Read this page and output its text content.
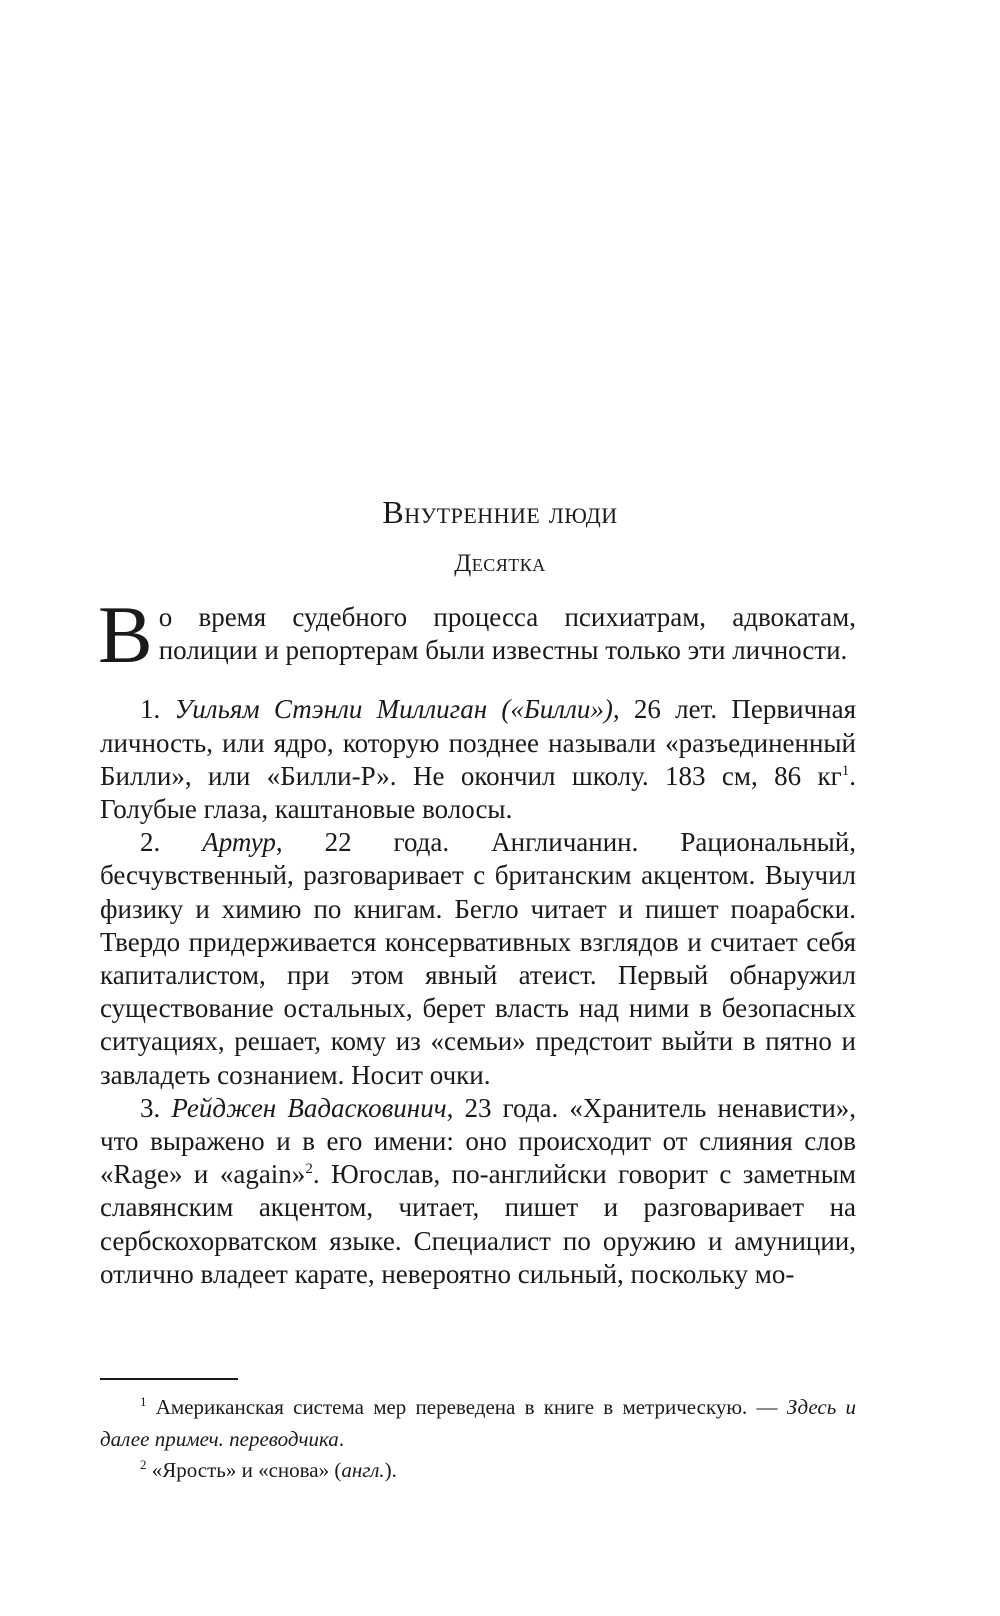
Внутренние люди
Десятка

Во время судебного процесса психиатрам, адвокатам, полиции и репортерам были известны только эти личности.

1. Уильям Стэнли Миллиган («Билли»), 26 лет. Первичная личность, или ядро, которую позднее называли «разъединенный Билли», или «Билли-Р». Не окончил школу. 183 см, 86 $кг^1$. Голубые глаза, каштановые волосы.

2. Артур, 22 года. Англичанин. Рациональный, бесчувственный, разговаривает с британским акцентом. Выучил физику и химию по книгам. Бегло читает и пишет поарабски. Твердо придерживается консервативных взглядов и считает себя капиталистом, при этом явный атеист. Первый обнаружил существование остальных, берет власть над ними в безопасных ситуациях, решает, кому из «семьи» предстоит выйти в пятно и завладеть сознанием. Носит очки.

3. Рейджен Вадасковинич, 23 года. «Хранитель ненависти», что выражено и в его имени: оно происходит от слияния слов «Rage» и «again»$^2$. Югослав, по-английски говорит с заметным славянским акцентом, читает, пишет и разговаривает на сербскохорватском языке. Специалист по оружию и амуниции, отлично владеет карате, невероятно сильный, поскольку мо-

$^1$ Американская система мер переведена в книге в метрическую. — Здесь и далее примеч. переводчика.

$^2$ «Ярость» и «снова» (англ.).
